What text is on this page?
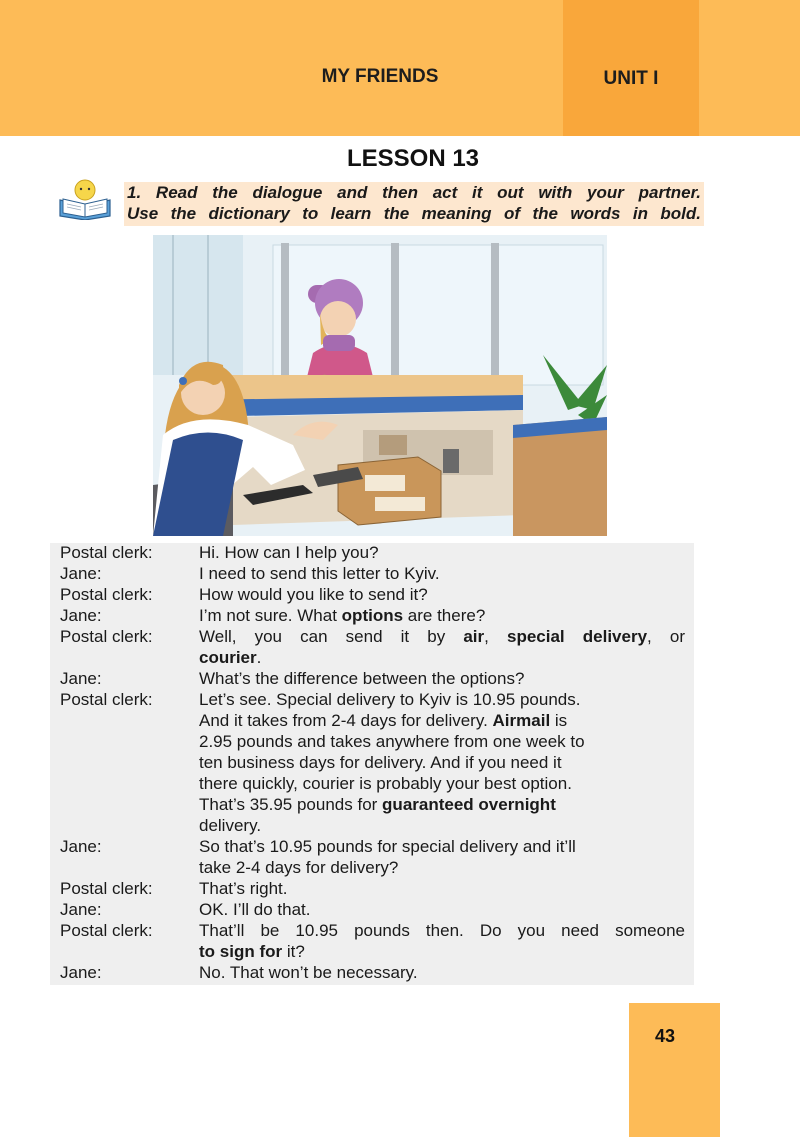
MY FRIENDS	UNIT I
LESSON 13
1. Read the dialogue and then act it out with your partner.
Use the dictionary to learn the meaning of the words in bold.
Postal clerk:	Hi. How can I help you?
Jane:	I need to send this letter to Kyiv.
Postal clerk:	How would you like to send it?
Jane:	I’m not sure. What options are there?
Postal clerk:	Well, you can send it by air, special delivery, or
courier.
Jane:	What’s the difference between the options?
Postal clerk:	Let’s see. Special delivery to Kyiv is 10.95 pounds.
And it takes from 2-4 days for delivery. Airmail is
2.95 pounds and takes anywhere from one week to
ten business days for delivery. And if you need it
there quickly, courier is probably your best option.
That’s 35.95 pounds for guaranteed overnight
delivery.
Jane:	So that’s 10.95 pounds for special delivery and it’ll
take 2-4 days for delivery?
Postal clerk:	That’s right.
Jane:	OK. I’ll do that.
Postal clerk:	That’ll be 10.95 pounds then. Do you need someone
to sign for it?
Jane:	No. That won’t be necessary.
43
